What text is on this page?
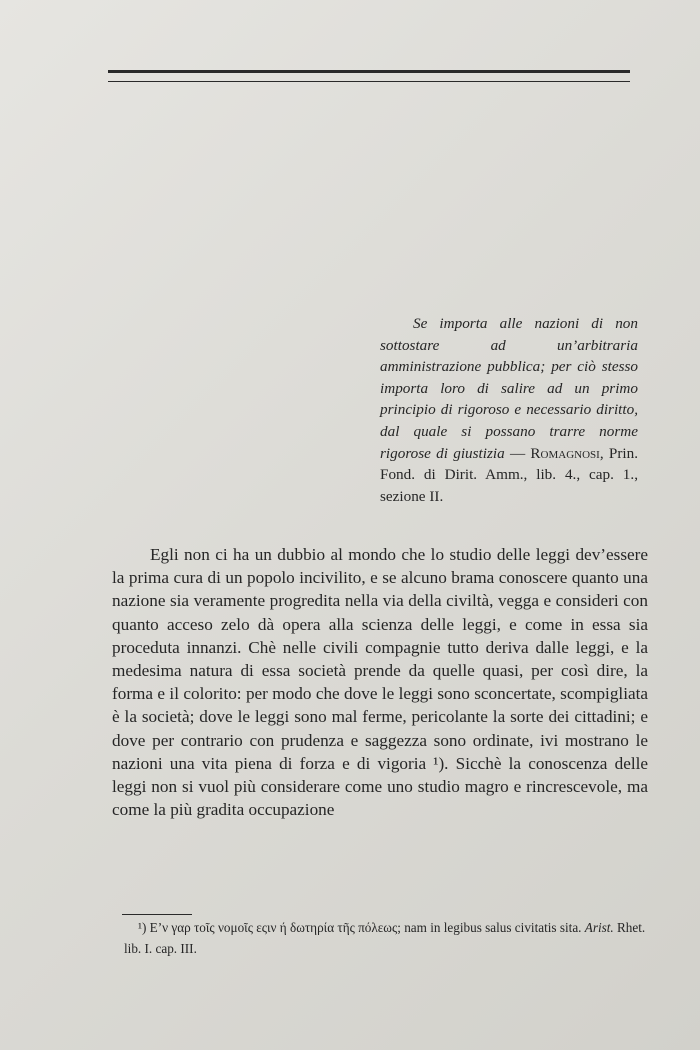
Se importa alle nazioni di non sottostare ad un’arbitraria amministrazione pubblica; per ciò stesso importa loro di salire ad un primo principio di rigoroso e necessario diritto, dal quale si possano trarre norme rigorose di giustizia — Romagnosi, Prin. Fond. di Dirit. Amm., lib. 4., cap. 1., sezione II.

Egli non ci ha un dubbio al mondo che lo studio delle leggi dev’essere la prima cura di un popolo incivilito, e se alcuno brama conoscere quanto una nazione sia veramente progredita nella via della civiltà, vegga e consideri con quanto acceso zelo dà opera alla scienza delle leggi, e come in essa sia proceduta innanzi. Chè nelle civili compagnie tutto deriva dalle leggi, e la medesima natura di essa società prende da quelle quasi, per così dire, la forma e il colorito: per modo che dove le leggi sono sconcertate, scompigliata è la società; dove le leggi sono mal ferme, pericolante la sorte dei cittadini; e dove per contrario con prudenza e saggezza sono ordinate, ivi mostrano le nazioni una vita piena di forza e di vigoria ¹). Sicchè la conoscenza delle leggi non si vuol più considerare come uno studio magro e rincrescevole, ma come la più gradita occupazione

¹) Ε’ν γαρ τοῖς νομοῖς εςιν ή δωτηρία τῆς πόλεως; nam in legibus salus civitatis sita. Arist. Rhet. lib. I. cap. III.
